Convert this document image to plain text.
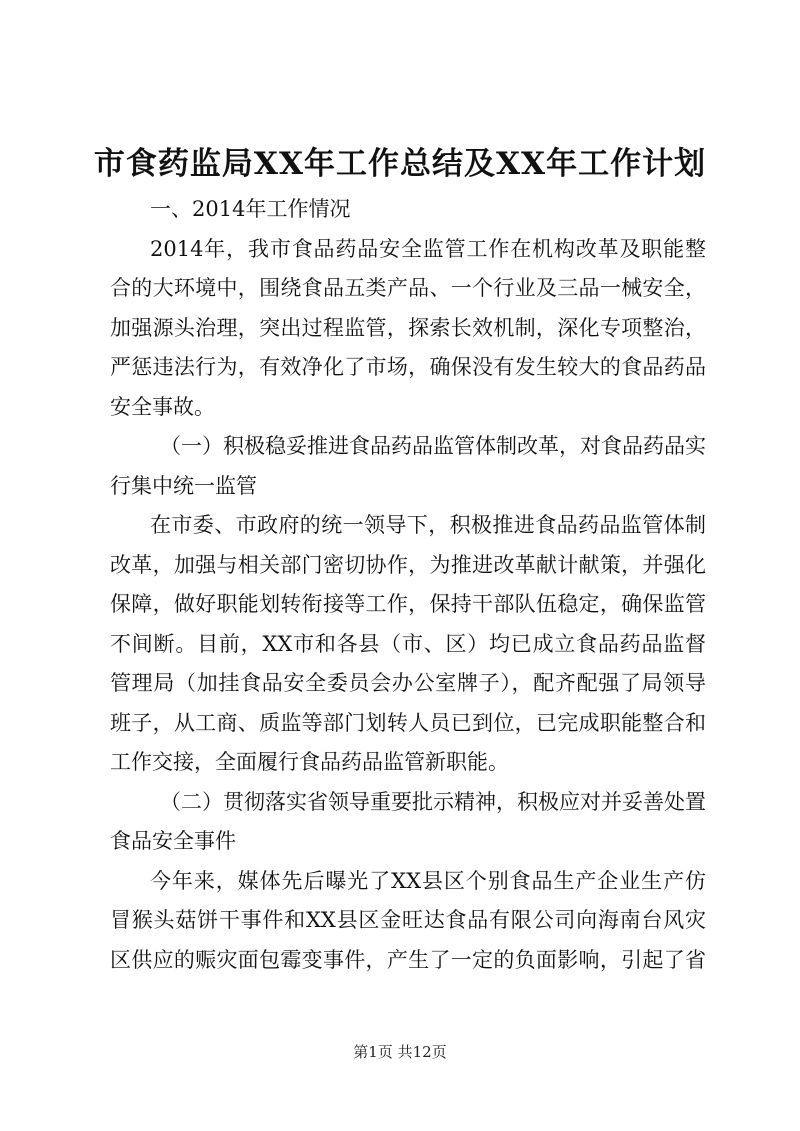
市食药监局XX年工作总结及XX年工作计划
一、2014年工作情况
2014年，我市食品药品安全监管工作在机构改革及职能整
合的大环境中，围绕食品五类产品、一个行业及三品一械安全，
加强源头治理，突出过程监管，探索长效机制，深化专项整治，
严惩违法行为，有效净化了市场，确保没有发生较大的食品药品
安全事故。
（一）积极稳妥推进食品药品监管体制改革，对食品药品实
行集中统一监管
在市委、市政府的统一领导下，积极推进食品药品监管体制
改革，加强与相关部门密切协作，为推进改革献计献策，并强化
保障，做好职能划转衔接等工作，保持干部队伍稳定，确保监管
不间断。目前，XX市和各县（市、区）均已成立食品药品监督
管理局（加挂食品安全委员会办公室牌子），配齐配强了局领导
班子，从工商、质监等部门划转人员已到位，已完成职能整合和
工作交接，全面履行食品药品监管新职能。
（二）贯彻落实省领导重要批示精神，积极应对并妥善处置
食品安全事件
今年来，媒体先后曝光了XX县区个别食品生产企业生产仿
冒猴头菇饼干事件和XX县区金旺达食品有限公司向海南台风灾
区供应的赈灾面包霉变事件，产生了一定的负面影响，引起了省
第1页 共12页
